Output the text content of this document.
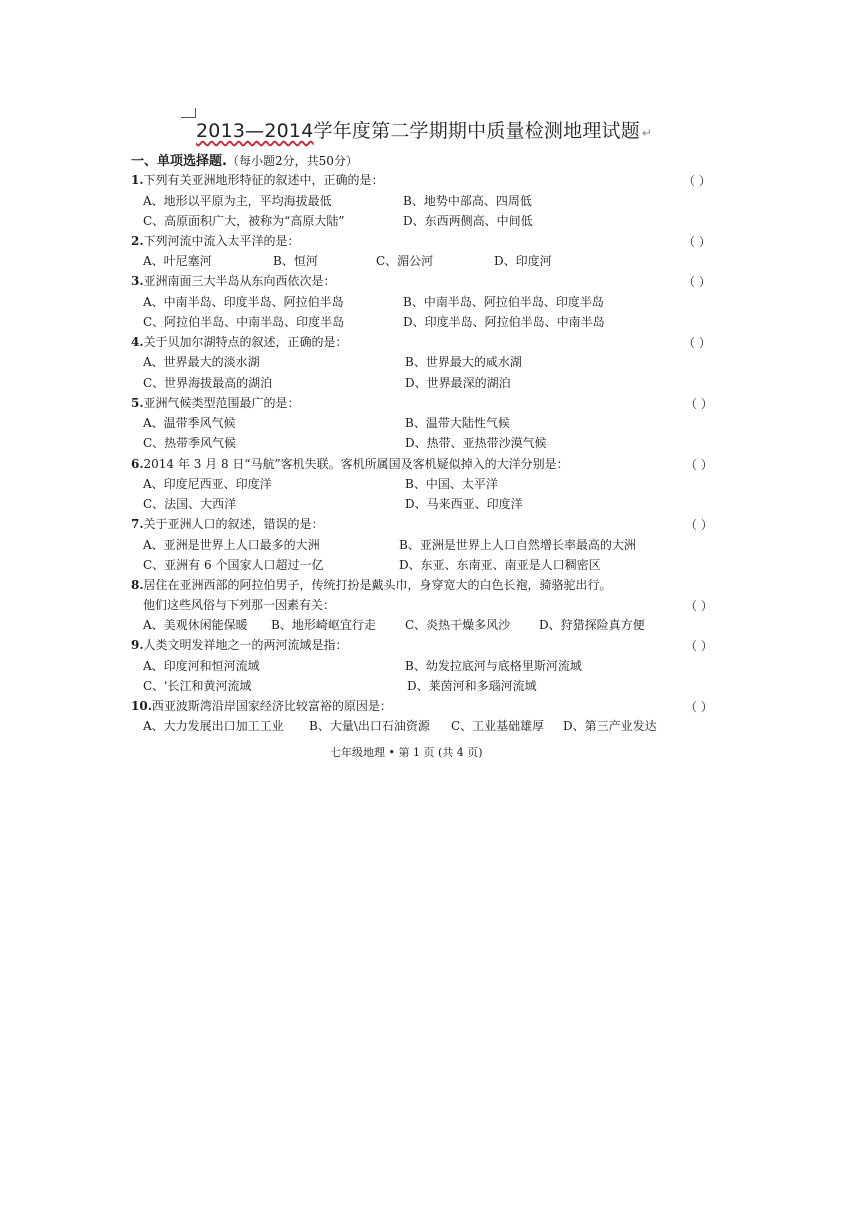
2013—2014学年度第二学期期中质量检测地理试题 ↵
一、单项选择题.（每小题2分，共50分）
1.下列有关亚洲地形特征的叙述中，正确的是：	（ ）
A、地形以平原为主，平均海拔最低	B、地势中部高、四周低
C、高原面积广大，被称为“高原大陆”	D、东西两侧高、中间低
2.下列河流中流入太平洋的是：	（ ）
A、叶尼塞河	B、恒河	C、湄公河	D、印度河
3.亚洲南面三大半岛从东向西依次是：	（ ）
A、中南半岛、印度半岛、阿拉伯半岛	B、中南半岛、阿拉伯半岛、印度半岛
C、阿拉伯半岛、中南半岛、印度半岛	D、印度半岛、阿拉伯半岛、中南半岛
4.关于贝加尔湖特点的叙述，正确的是：	（ ）
A、世界最大的淡水湖	B、世界最大的咸水湖
C、世界海拔最高的湖泊	D、世界最深的湖泊
5.亚洲气候类型范围最广的是：	（ ）
A、温带季风气候	B、温带大陆性气候
C、热带季风气候	D、热带、亚热带沙漠气候
6.2014 年 3 月 8 日“马航”客机失联。客机所属国及客机疑似掉入的大洋分别是：	（ ）
A、印度尼西亚、印度洋	B、中国、太平洋
C、法国、大西洋	D、马来西亚、印度洋
7.关于亚洲人口的叙述，错误的是：	（ ）
A、亚洲是世界上人口最多的大洲	B、亚洲是世界上人口自然增长率最高的大洲
C、亚洲有 6 个国家人口超过一亿	D、东亚、东南亚、南亚是人口稠密区
8.居住在亚洲西部的阿拉伯男子，传统打扮是戴头巾，身穿宽大的白色长袍，骑骆驼出行。
他们这些风俗与下列那一因素有关：	（ ）
A、美观休闲能保暖 B、地形崎岖宜行走 C、炎热干燥多风沙 D、狩猎探险真方便
9.人类文明发祥地之一的两河流域是指：	（ ）
A、印度河和恒河流域	B、幼发拉底河与底格里斯河流域
C、'长江和黄河流域	D、莱茵河和多瑙河流域
10.西亚波斯湾沿岸国家经济比较富裕的原因是：	（ ）
A、大力发展出口加工工业 B、大量\出口石油资源 C、工业基础雄厚 D、第三产业发达
七年级地理 • 第 1 页 (共 4 页)
